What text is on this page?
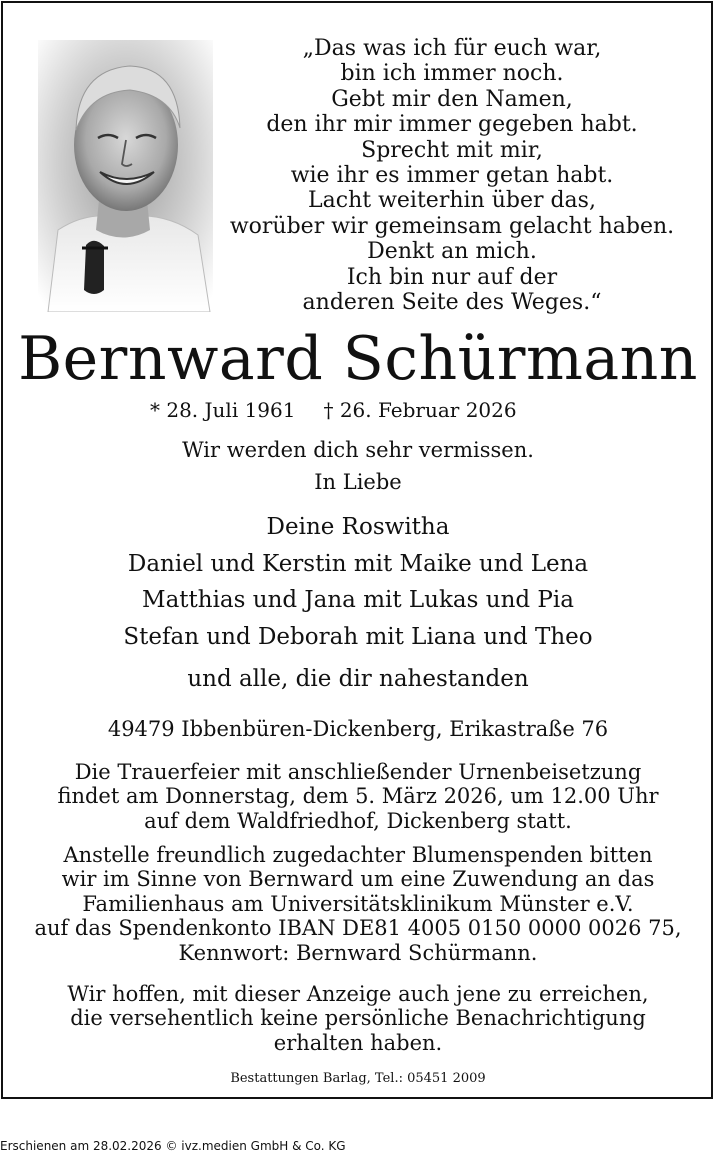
„Das was ich für euch war,
bin ich immer noch.
Gebt mir den Namen,
den ihr mir immer gegeben habt.
Sprecht mit mir,
wie ihr es immer getan habt.
Lacht weiterhin über das,
worüber wir gemeinsam gelacht haben.
Denkt an mich.
Ich bin nur auf der
anderen Seite des Weges.“
Bernward Schürmann
* 28. Juli 1961 † 26. Februar 2026
Wir werden dich sehr vermissen.
In Liebe
Deine Roswitha
Daniel und Kerstin mit Maike und Lena
Matthias und Jana mit Lukas und Pia
Stefan und Deborah mit Liana und Theo
und alle, die dir nahestanden
49479 Ibbenbüren-Dickenberg, Erikastraße 76
Die Trauerfeier mit anschließender Urnenbeisetzung
findet am Donnerstag, dem 5. März 2026, um 12.00 Uhr
auf dem Waldfriedhof, Dickenberg statt.
Anstelle freundlich zugedachter Blumenspenden bitten
wir im Sinne von Bernward um eine Zuwendung an das
Familienhaus am Universitätsklinikum Münster e.V.
auf das Spendenkonto IBAN DE81 4005 0150 0000 0026 75,
Kennwort: Bernward Schürmann.
Wir hoffen, mit dieser Anzeige auch jene zu erreichen,
die versehentlich keine persönliche Benachrichtigung
erhalten haben.
Bestattungen Barlag, Tel.: 05451 2009
Erschienen am 28.02.2026 © ivz.medien GmbH & Co. KG
